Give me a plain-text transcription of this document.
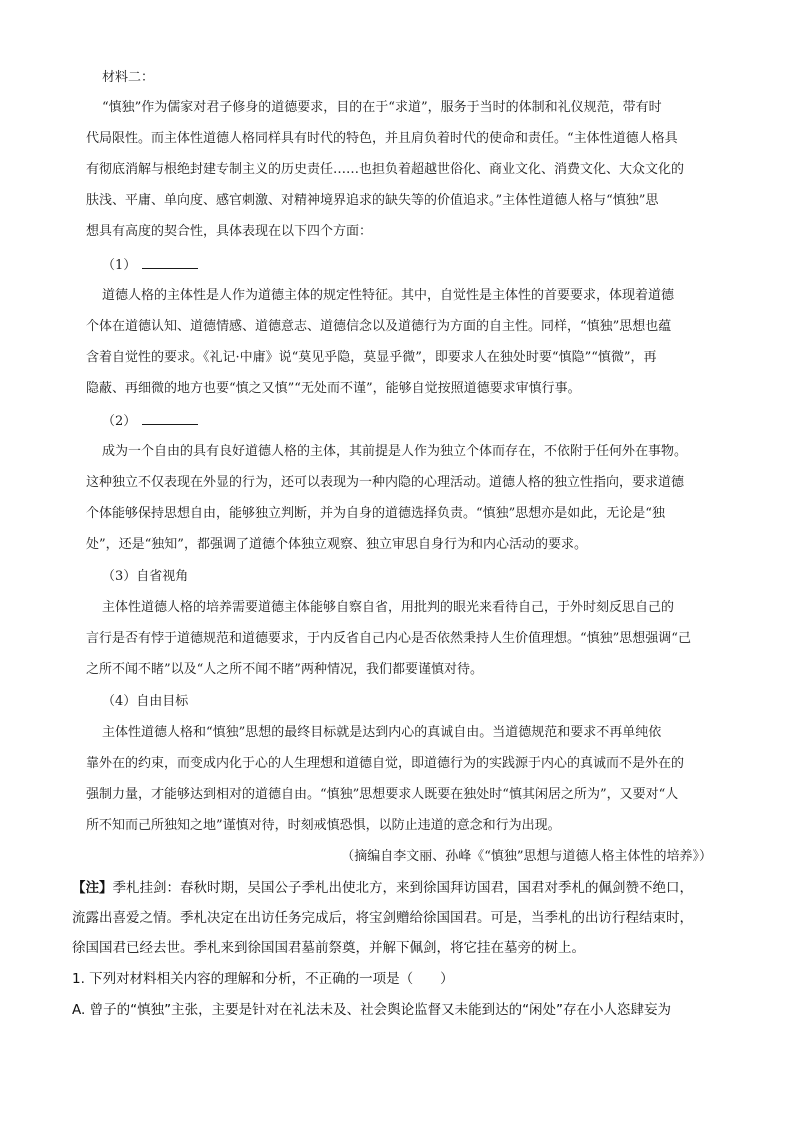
材料二：
“慎独”作为儒家对君子修身的道德要求，目的在于“求道”，服务于当时的体制和礼仪规范，带有时
代局限性。而主体性道德人格同样具有时代的特色，并且肩负着时代的使命和责任。“主体性道德人格具
有彻底消解与根绝封建专制主义的历史责任……也担负着超越世俗化、商业文化、消费文化、大众文化的
肤浅、平庸、单向度、感官刺激、对精神境界追求的缺失等的价值追求。”主体性道德人格与“慎独”思
想具有高度的契合性，具体表现在以下四个方面：
（1）
道德人格的主体性是人作为道德主体的规定性特征。其中，自觉性是主体性的首要要求，体现着道德
个体在道德认知、道德情感、道德意志、道德信念以及道德行为方面的自主性。同样，“慎独”思想也蕴
含着自觉性的要求。《礼记·中庸》说“莫见乎隐，莫显乎微”，即要求人在独处时要“慎隐”“慎微”，再
隐蔽、再细微的地方也要“慎之又慎”“无处而不谨”，能够自觉按照道德要求审慎行事。
（2）
成为一个自由的具有良好道德人格的主体，其前提是人作为独立个体而存在，不依附于任何外在事物。
这种独立不仅表现在外显的行为，还可以表现为一种内隐的心理活动。道德人格的独立性指向，要求道德
个体能够保持思想自由，能够独立判断，并为自身的道德选择负责。“慎独”思想亦是如此，无论是“独
处”，还是“独知”，都强调了道德个体独立观察、独立审思自身行为和内心活动的要求。
（3）自省视角
主体性道德人格的培养需要道德主体能够自察自省，用批判的眼光来看待自己，于外时刻反思自己的
言行是否有悖于道德规范和道德要求，于内反省自己内心是否依然秉持人生价值理想。“慎独”思想强调“己
之所不闻不睹”以及“人之所不闻不睹”两种情况，我们都要谨慎对待。
（4）自由目标
主体性道德人格和“慎独”思想的最终目标就是达到内心的真诚自由。当道德规范和要求不再单纯依
靠外在的约束，而变成内化于心的人生理想和道德自觉，即道德行为的实践源于内心的真诚而不是外在的
强制力量，才能够达到相对的道德自由。“慎独”思想要求人既要在独处时“慎其闲居之所为”，又要对“人
所不知而己所独知之地”谨慎对待，时刻戒慎恐惧，以防止违道的意念和行为出现。
（摘编自李文丽、孙峰《“慎独”思想与道德人格主体性的培养》）
【注】季札挂剑：春秋时期，吴国公子季札出使北方，来到徐国拜访国君，国君对季札的佩剑赞不绝口，
流露出喜爱之情。季札决定在出访任务完成后，将宝剑赠给徐国国君。可是，当季札的出访行程结束时，
徐国国君已经去世。季札来到徐国国君墓前祭奠，并解下佩剑，将它挂在墓旁的树上。
1. 下列对材料相关内容的理解和分析，不正确的一项是（　　）
A. 曾子的“慎独”主张，主要是针对在礼法未及、社会舆论监督又未能到达的“闲处”存在小人恣肆妄为
